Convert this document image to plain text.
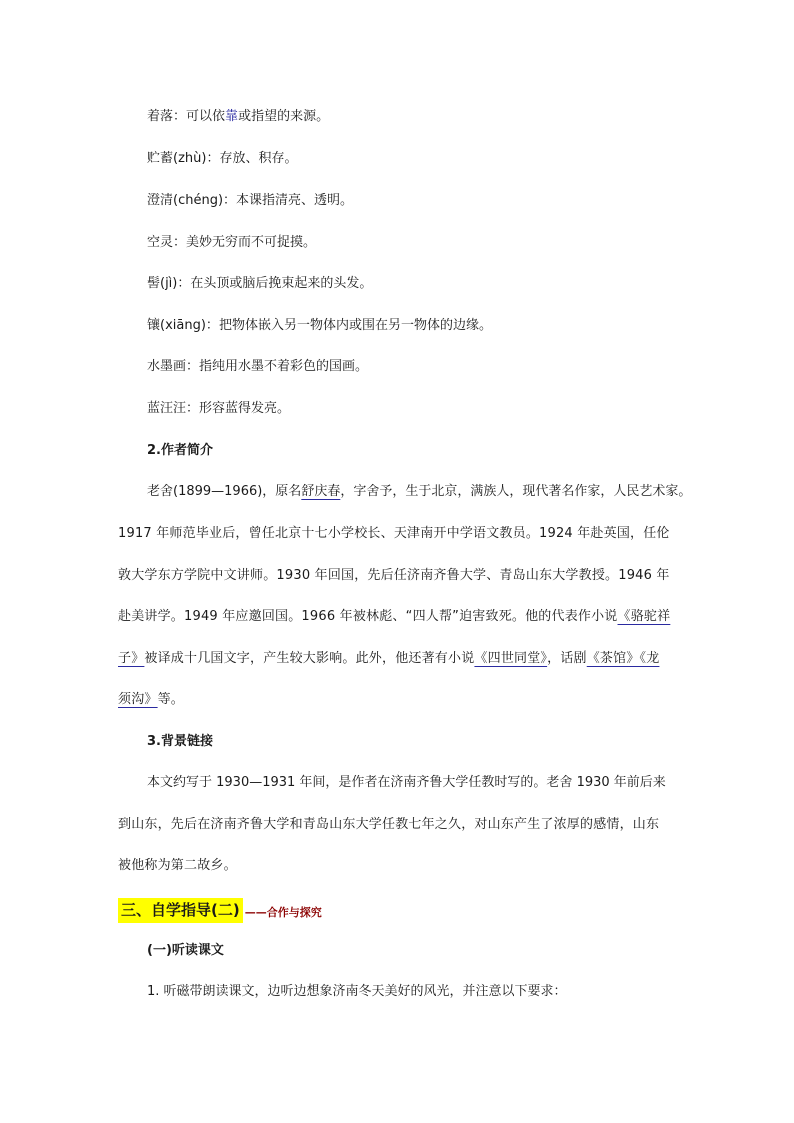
着落：可以依靠或指望的来源。
贮蓄(zhù)：存放、积存。
澄清(chéng)：本课指清亮、透明。
空灵：美妙无穷而不可捉摸。
髻(jì)：在头顶或脑后挽束起来的头发。
镶(xiāng)：把物体嵌入另一物体内或围在另一物体的边缘。
水墨画：指纯用水墨不着彩色的国画。
蓝汪汪：形容蓝得发亮。
2.作者简介
老舍(1899—1966)，原名舒庆春，字舍予，生于北京，满族人，现代著名作家，人民艺术家。
1917 年师范毕业后，曾任北京十七小学校长、天津南开中学语文教员。1924 年赴英国，任伦
敦大学东方学院中文讲师。1930 年回国，先后任济南齐鲁大学、青岛山东大学教授。1946 年
赴美讲学。1949 年应邀回国。1966 年被林彪、“四人帮”迫害致死。他的代表作小说《骆驼祥
子》被译成十几国文字，产生较大影响。此外，他还著有小说《四世同堂》，话剧《茶馆》《龙
须沟》等。
3.背景链接
本文约写于 1930—1931 年间，是作者在济南齐鲁大学任教时写的。老舍 1930 年前后来
到山东，先后在济南齐鲁大学和青岛山东大学任教七年之久，对山东产生了浓厚的感情，山东
被他称为第二故乡。
三、自学指导(二) ——合作与探究
(一)听读课文
1. 听磁带朗读课文，边听边想象济南冬天美好的风光，并注意以下要求：
